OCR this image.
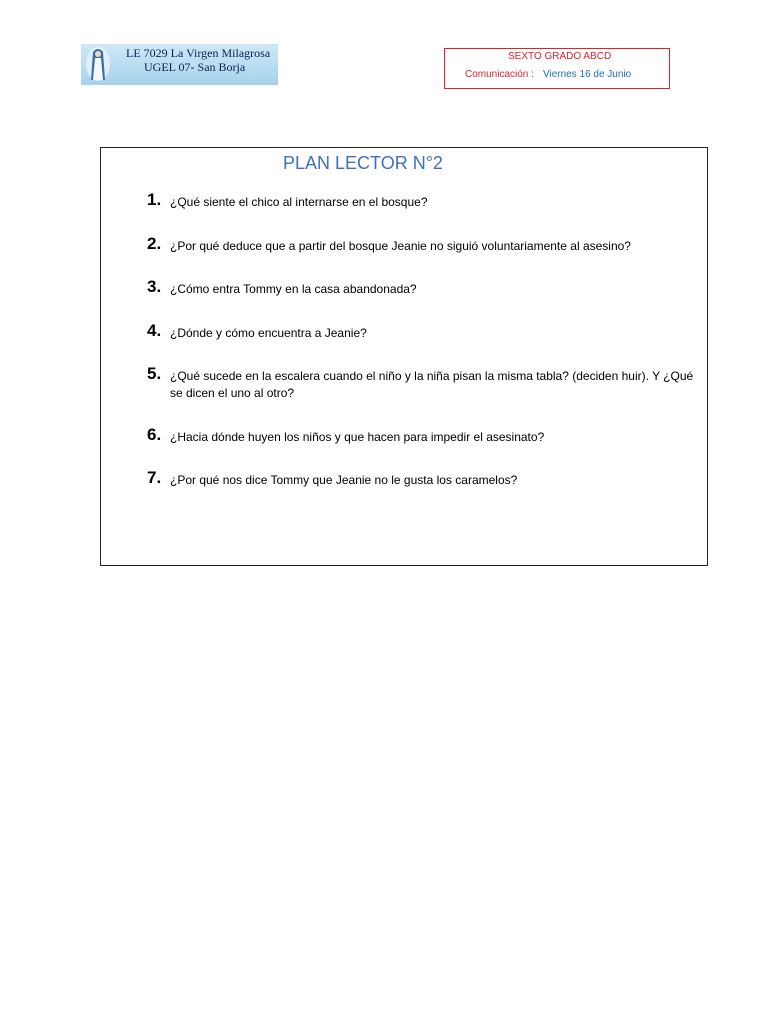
LE 7029 La Virgen Milagrosa
UGEL 07- San Borja
SEXTO GRADO ABCD
Comunicación : Viernes 16 de Junio
PLAN LECTOR N°2
1. ¿Qué siente el chico al internarse en el bosque?
2. ¿Por qué deduce que a partir del bosque Jeanie no siguió voluntariamente al asesino?
3. ¿Cómo entra Tommy en la casa abandonada?
4. ¿Dónde y cómo encuentra a Jeanie?
5. ¿Qué sucede en la escalera cuando el niño y la niña pisan la misma tabla? (deciden huir). Y ¿Qué se dicen el uno al otro?
6. ¿Hacia dónde huyen los niños y que hacen para impedir el asesinato?
7. ¿Por qué nos dice Tommy que Jeanie no le gusta los caramelos?
